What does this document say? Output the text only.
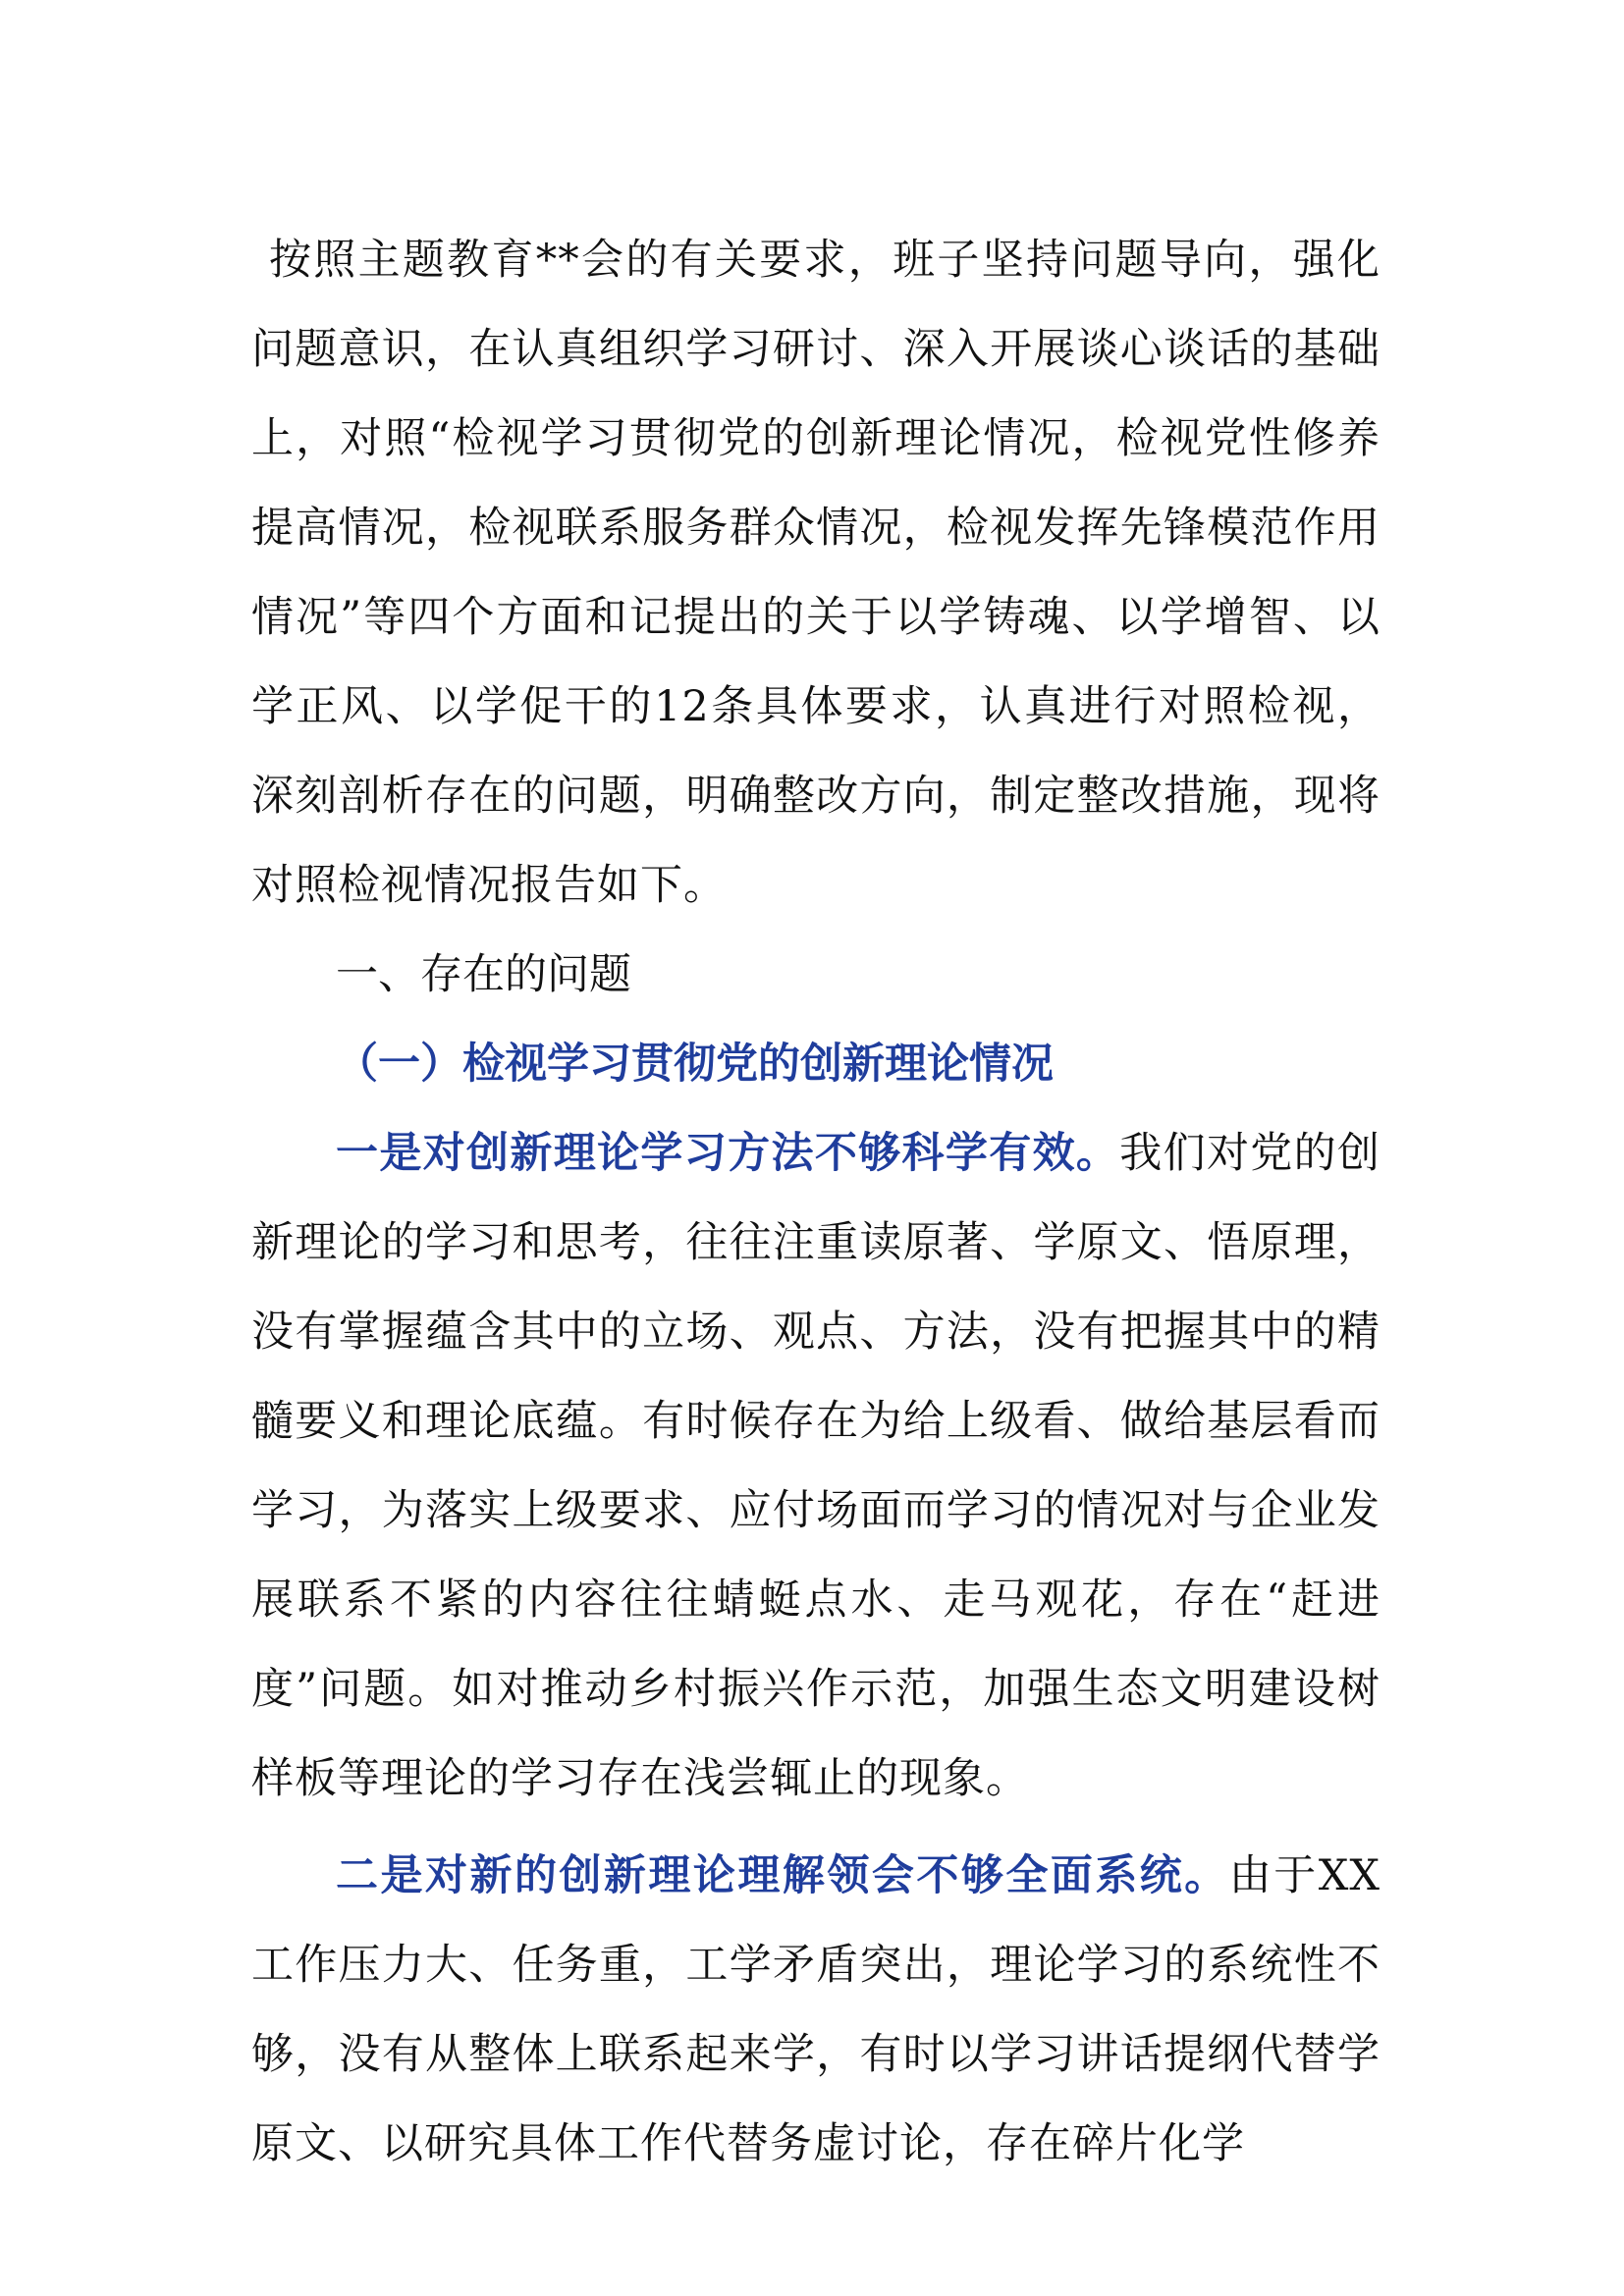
按照主题教育**会的有关要求，班子坚持问题导向，强化问题意识，在认真组织学习研讨、深入开展谈心谈话的基础上，对照“检视学习贯彻党的创新理论情况，检视党性修养提高情况，检视联系服务群众情况，检视发挥先锋模范作用情况”等四个方面和记提出的关于以学铸魂、以学增智、以学正风、以学促干的12条具体要求，认真进行对照检视，深刻剖析存在的问题，明确整改方向，制定整改措施，现将对照检视情况报告如下。

一、存在的问题

（一）检视学习贯彻党的创新理论情况

一是对创新理论学习方法不够科学有效。我们对党的创新理论的学习和思考，往往注重读原著、学原文、悟原理，没有掌握蕴含其中的立场、观点、方法，没有把握其中的精髓要义和理论底蕴。有时候存在为给上级看、做给基层看而学习，为落实上级要求、应付场面而学习的情况对与企业发展联系不紧的内容往往蜻蜓点水、走马观花，存在“赶进度”问题。如对推动乡村振兴作示范，加强生态文明建设树样板等理论的学习存在浅尝辄止的现象。

二是对新的创新理论理解领会不够全面系统。由于XX工作压力大、任务重，工学矛盾突出，理论学习的系统性不够，没有从整体上联系起来学，有时以学习讲话提纲代替学原文、以研究具体工作代替务虚讨论，存在碎片化学
